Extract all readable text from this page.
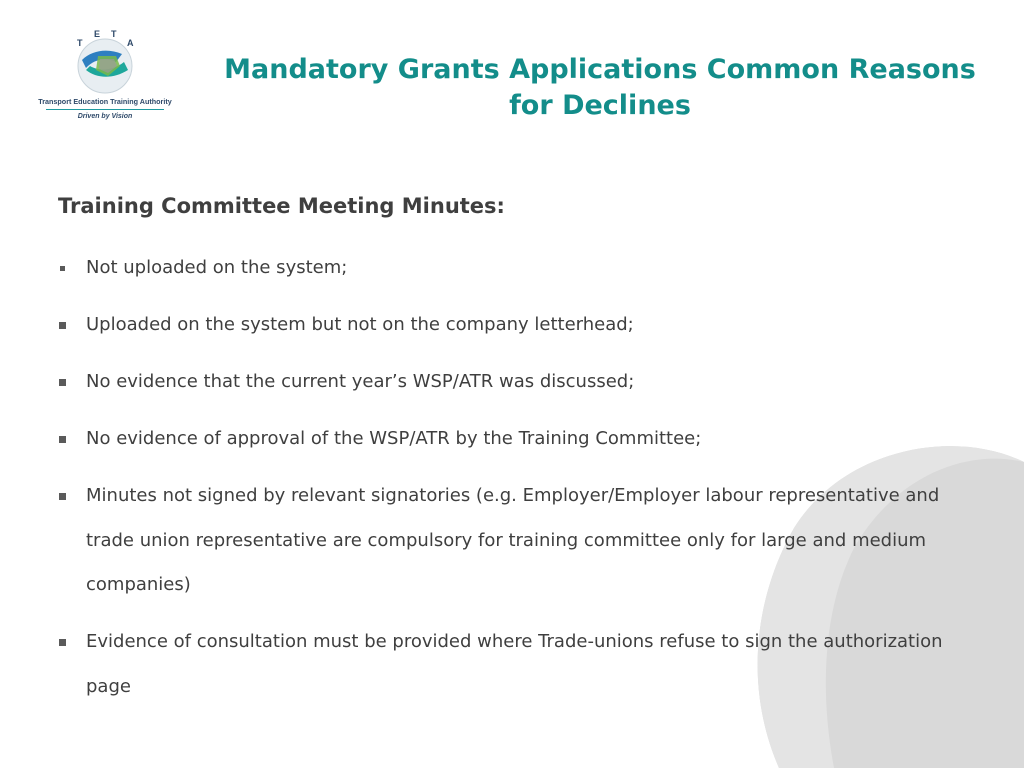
T
E T
A
Transport Education Training Authority
Driven by Vision
Mandatory Grants Applications Common Reasons for Declines
Training Committee Meeting Minutes:
Not uploaded on the system;
Uploaded on the system but not on the company letterhead;
No evidence that the current year’s WSP/ATR was discussed;
No evidence of approval of the WSP/ATR by the Training Committee;
Minutes not signed by relevant signatories (e.g. Employer/Employer labour representative and trade union representative are compulsory for training committee only for large and medium companies)
Evidence of consultation must be provided where Trade-unions refuse to sign the authorization page
